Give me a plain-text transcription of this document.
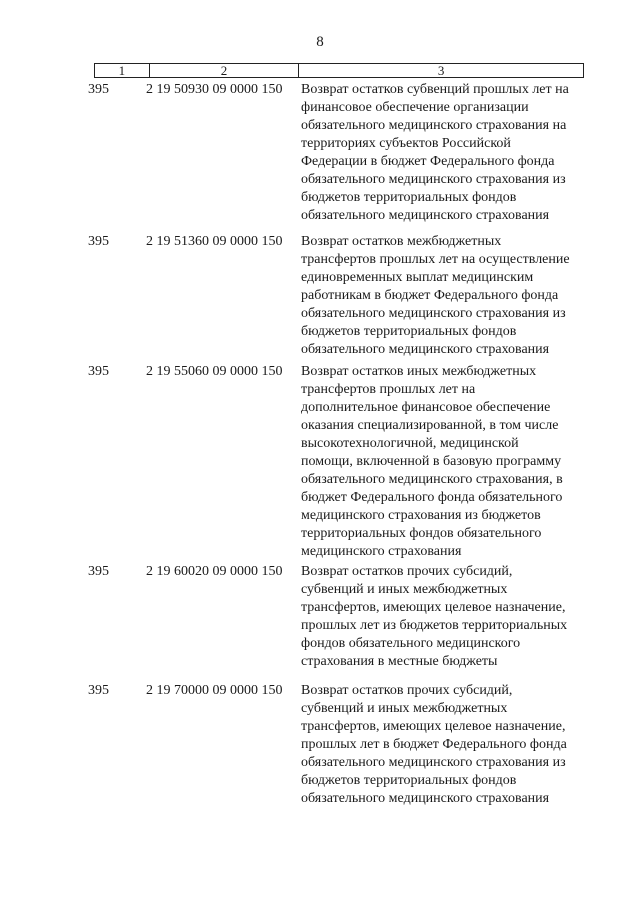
8
1	2	3
395	2 19 50930 09 0000 150	Возврат остатков субвенций прошлых лет на
финансовое обеспечение организации
обязательного медицинского страхования на
территориях субъектов Российской
Федерации в бюджет Федерального фонда
обязательного медицинского страхования из
бюджетов территориальных фондов
обязательного медицинского страхования
395	2 19 51360 09 0000 150	Возврат остатков межбюджетных
трансфертов прошлых лет на осуществление
единовременных выплат медицинским
работникам в бюджет Федерального фонда
обязательного медицинского страхования из
бюджетов территориальных фондов
обязательного медицинского страхования
395	2 19 55060 09 0000 150	Возврат остатков иных межбюджетных
трансфертов прошлых лет на
дополнительное финансовое обеспечение
оказания специализированной, в том числе
высокотехнологичной, медицинской
помощи, включенной в базовую программу
обязательного медицинского страхования, в
бюджет Федерального фонда обязательного
медицинского страхования из бюджетов
территориальных фондов обязательного
медицинского страхования
395	2 19 60020 09 0000 150	Возврат остатков прочих субсидий,
субвенций и иных межбюджетных
трансфертов, имеющих целевое назначение,
прошлых лет из бюджетов территориальных
фондов обязательного медицинского
страхования в местные бюджеты
395	2 19 70000 09 0000 150	Возврат остатков прочих субсидий,
субвенций и иных межбюджетных
трансфертов, имеющих целевое назначение,
прошлых лет в бюджет Федерального фонда
обязательного медицинского страхования из
бюджетов территориальных фондов
обязательного медицинского страхования
